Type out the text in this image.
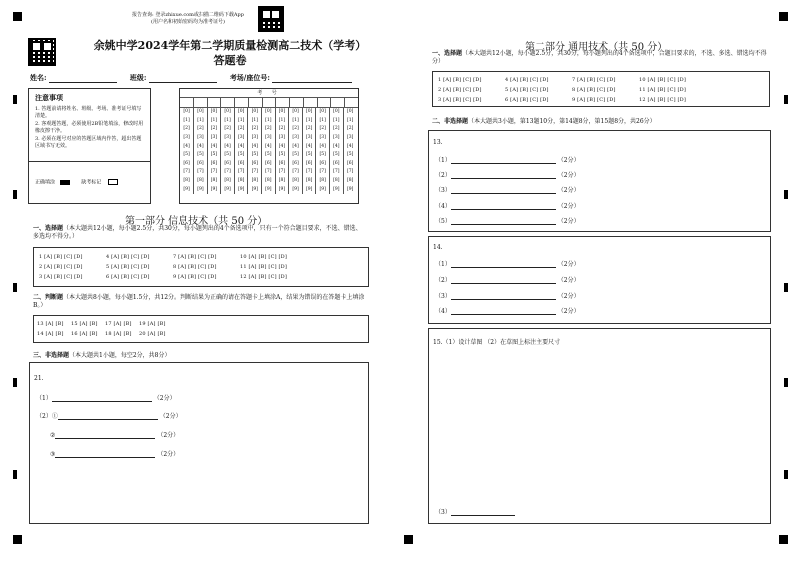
报告查询: 登录zhixue.com或扫描二维码下载App
(用户名和初始密码均为准考证号)
余姚中学2024学年第二学期质量检测高二技术（学考）
答题卷
姓名:	班级:	考场/座位号:
注意事项
1. 答题前请将姓名、班级、考场、准考证号填写清楚。
2. 客观题答题，必须使用2B铅笔填涂，修改时用橡皮擦干净。
3. 必须在题号对应的答题区域内作答，超出答题区域书写无效。
正确填涂	缺考标记
考 号
[0]	[0]	[0]	[0]	[0]	[0]	[0]	[0]	[0]	[0]	[0]	[0]	[0]
[1]	[1]	[1]	[1]	[1]	[1]	[1]	[1]	[1]	[1]	[1]	[1]	[1]
[2]	[2]	[2]	[2]	[2]	[2]	[2]	[2]	[2]	[2]	[2]	[2]	[2]
[3]	[3]	[3]	[3]	[3]	[3]	[3]	[3]	[3]	[3]	[3]	[3]	[3]
[4]	[4]	[4]	[4]	[4]	[4]	[4]	[4]	[4]	[4]	[4]	[4]	[4]
[5]	[5]	[5]	[5]	[5]	[5]	[5]	[5]	[5]	[5]	[5]	[5]	[5]
[6]	[6]	[6]	[6]	[6]	[6]	[6]	[6]	[6]	[6]	[6]	[6]	[6]
[7]	[7]	[7]	[7]	[7]	[7]	[7]	[7]	[7]	[7]	[7]	[7]	[7]
[8]	[8]	[8]	[8]	[8]	[8]	[8]	[8]	[8]	[8]	[8]	[8]	[8]
[9]	[9]	[9]	[9]	[9]	[9]	[9]	[9]	[9]	[9]	[9]	[9]	[9]
第一部分 信息技术（共 50 分）
一、选择题（本大题共12小题，每小题2.5分，共30分，每小题列出的4个备选项中，只有一个符合题目要求，不选、错选、多选均不得分。）
1 [A] [B] [C] [D]	4 [A] [B] [C] [D]	7 [A] [B] [C] [D]	10 [A] [B] [C] [D]
2 [A] [B] [C] [D]	5 [A] [B] [C] [D]	8 [A] [B] [C] [D]	11 [A] [B] [C] [D]
3 [A] [B] [C] [D]	6 [A] [B] [C] [D]	9 [A] [B] [C] [D]	12 [A] [B] [C] [D]
二、判断题（本大题共8小题，每小题1.5分，共12分。判断结果为正确的请在答题卡上填涂A，结果为错误的在答题卡上填涂B。）
13 [A] [B] 15 [A] [B] 17 [A] [B] 19 [A] [B]
14 [A] [B] 16 [A] [B] 18 [A] [B] 20 [A] [B]
三、非选择题（本大题共1小题，每空2分，共8分）
21.
（1）	（2分）
（2）①	（2分）
②	（2分）
③	（2分）
第二部分 通用技术（共 50 分）
一、选择题（本大题共12小题，每小题2.5分，共30分，每小题列出的4个备选项中，合题目要求的，不选、多选、错选均不得分）
1 [A] [B] [C] [D]	4 [A] [B] [C] [D]	7 [A] [B] [C] [D]	10 [A] [B] [C] [D]
2 [A] [B] [C] [D]	5 [A] [B] [C] [D]	8 [A] [B] [C] [D]	11 [A] [B] [C] [D]
3 [A] [B] [C] [D]	6 [A] [B] [C] [D]	9 [A] [B] [C] [D]	12 [A] [B] [C] [D]
二、非选择题（本大题共3小题，第13题10分，第14题8分，第15题8分，共26分）
13.
（1）	（2分）
（2）	（2分）
（3）	（2分）
（4）	（2分）
（5）	（2分）
14.
（1）	（2分）
（2）	（2分）
（3）	（2分）
（4）	（2分）
15.（1）设计草图 （2）在草图上标注主要尺寸
（3）
